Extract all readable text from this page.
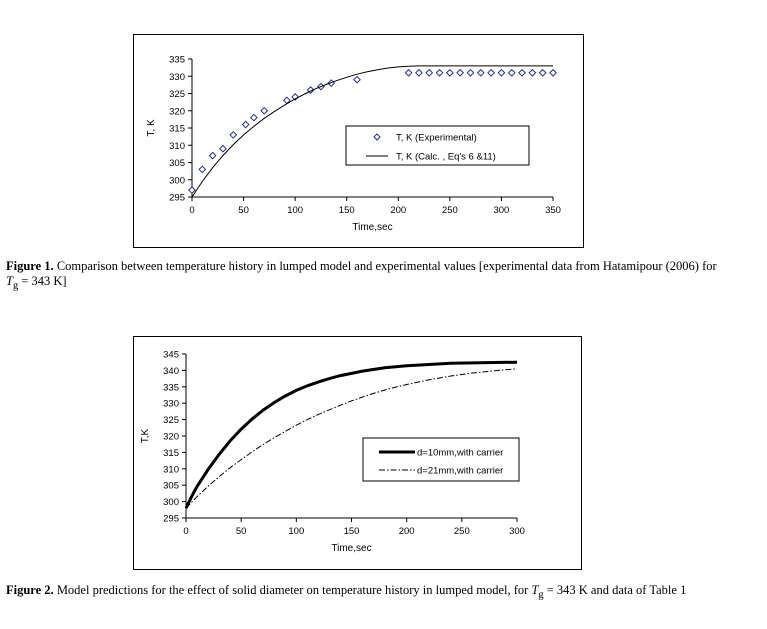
295
300
305
310
315
320
325
330
335
0	50	100	150	200	250	300	350
Time,sec
T, K
T, K (Experimental)
T, K (Calc. , Eq's 6 &11)
Figure 1. Comparison between temperature history in lumped model and experimental values [experimental data from Hatamipour (2006) for $T_g = 343$ K]
295
300
305
310
315
320
325
330
335
340
345
0	50	100	150	200	250	300
Time,sec
T,K
d=10mm,with carrier
d=21mm,with carrier
Figure 2. Model predictions for the effect of solid diameter on temperature history in lumped model, for $T_g = 343$ K and data of Table 1
